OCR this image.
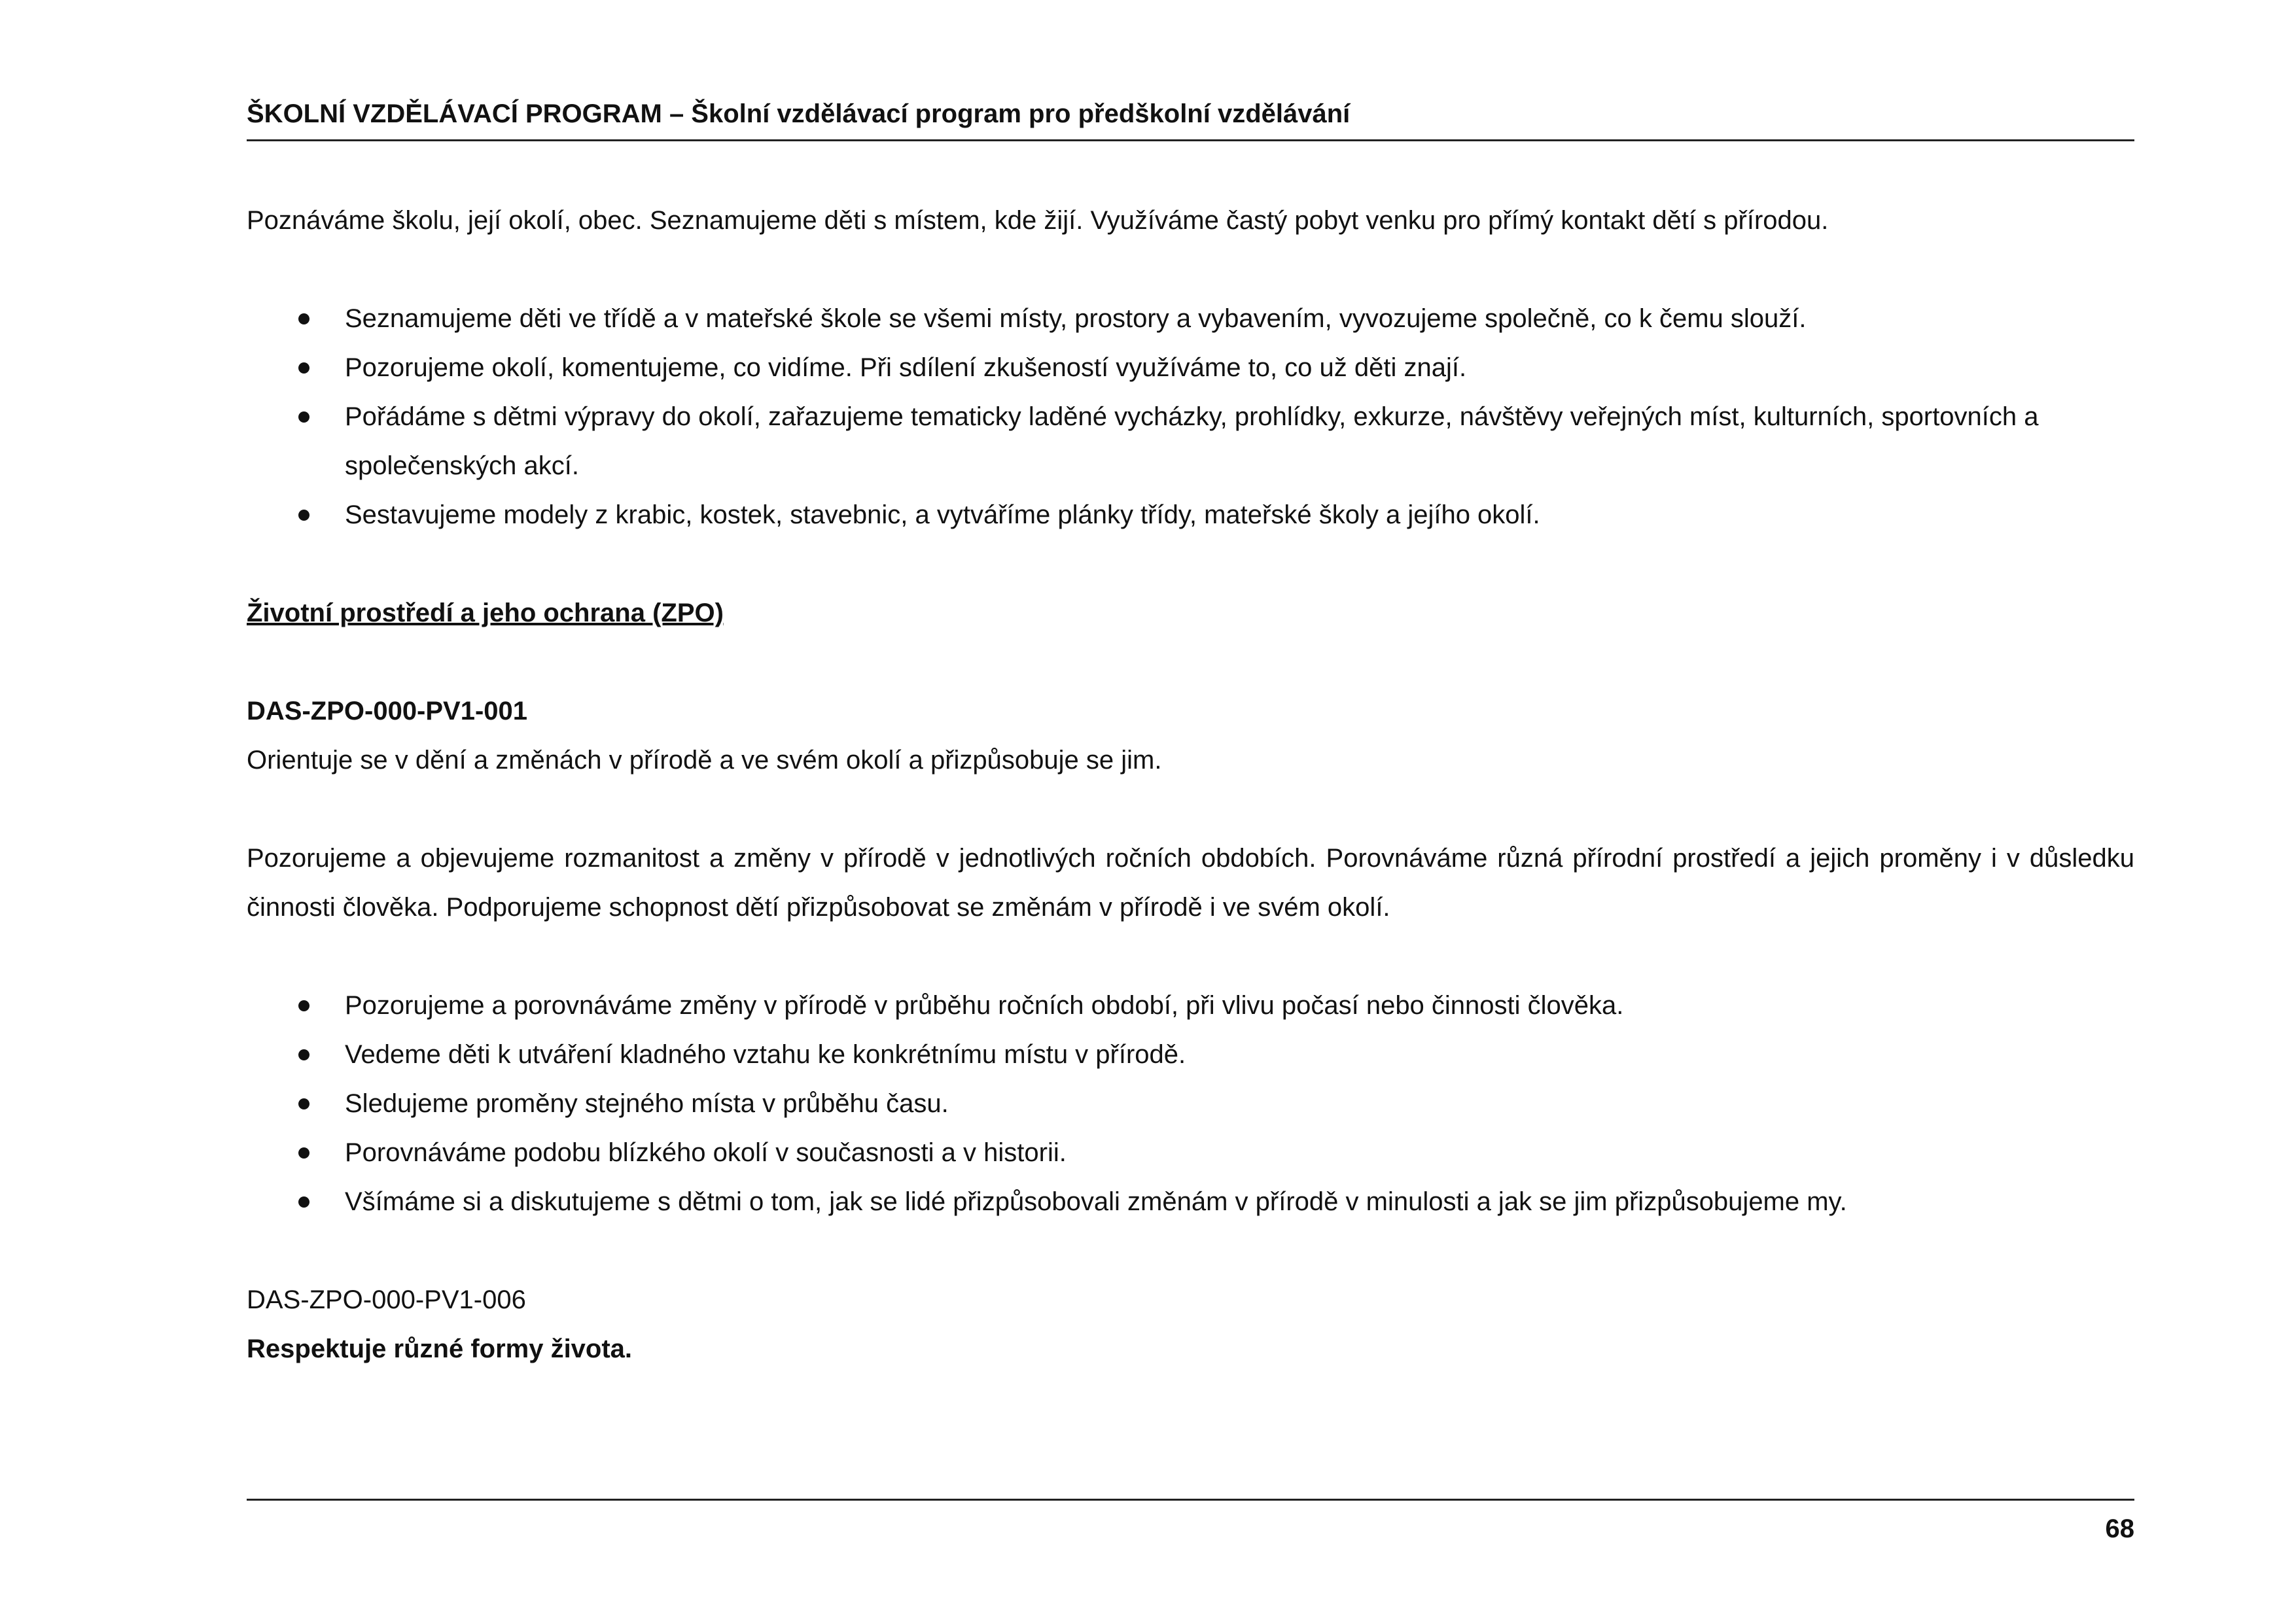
ŠKOLNÍ VZDĚLÁVACÍ PROGRAM – Školní vzdělávací program pro předškolní vzdělávání

Poznáváme školu, její okolí, obec. Seznamujeme děti s místem, kde žijí. Využíváme častý pobyt venku pro přímý kontakt dětí s přírodou.

Seznamujeme děti ve třídě a v mateřské škole se všemi místy, prostory a vybavením, vyvozujeme společně, co k čemu slouží.
Pozorujeme okolí, komentujeme, co vidíme. Při sdílení zkušeností využíváme to, co už děti znají.
Pořádáme s dětmi výpravy do okolí, zařazujeme tematicky laděné vycházky, prohlídky, exkurze, návštěvy veřejných míst, kulturních, sportovních a společenských akcí.
Sestavujeme modely z krabic, kostek, stavebnic, a vytváříme plánky třídy, mateřské školy a jejího okolí.

Životní prostředí a jeho ochrana (ZPO)

DAS-ZPO-000-PV1-001

Orientuje se v dění a změnách v přírodě a ve svém okolí a přizpůsobuje se jim.

Pozorujeme a objevujeme rozmanitost a změny v přírodě v jednotlivých ročních obdobích. Porovnáváme různá přírodní prostředí a jejich proměny i v důsledku činnosti člověka. Podporujeme schopnost dětí přizpůsobovat se změnám v přírodě i ve svém okolí.

Pozorujeme a porovnáváme změny v přírodě v průběhu ročních období, při vlivu počasí nebo činnosti člověka.
Vedeme děti k utváření kladného vztahu ke konkrétnímu místu v přírodě.
Sledujeme proměny stejného místa v průběhu času.
Porovnáváme podobu blízkého okolí v současnosti a v historii.
Všímáme si a diskutujeme s dětmi o tom, jak se lidé přizpůsobovali změnám v přírodě v minulosti a jak se jim přizpůsobujeme my.

DAS-ZPO-000-PV1-006

Respektuje různé formy života.

68
